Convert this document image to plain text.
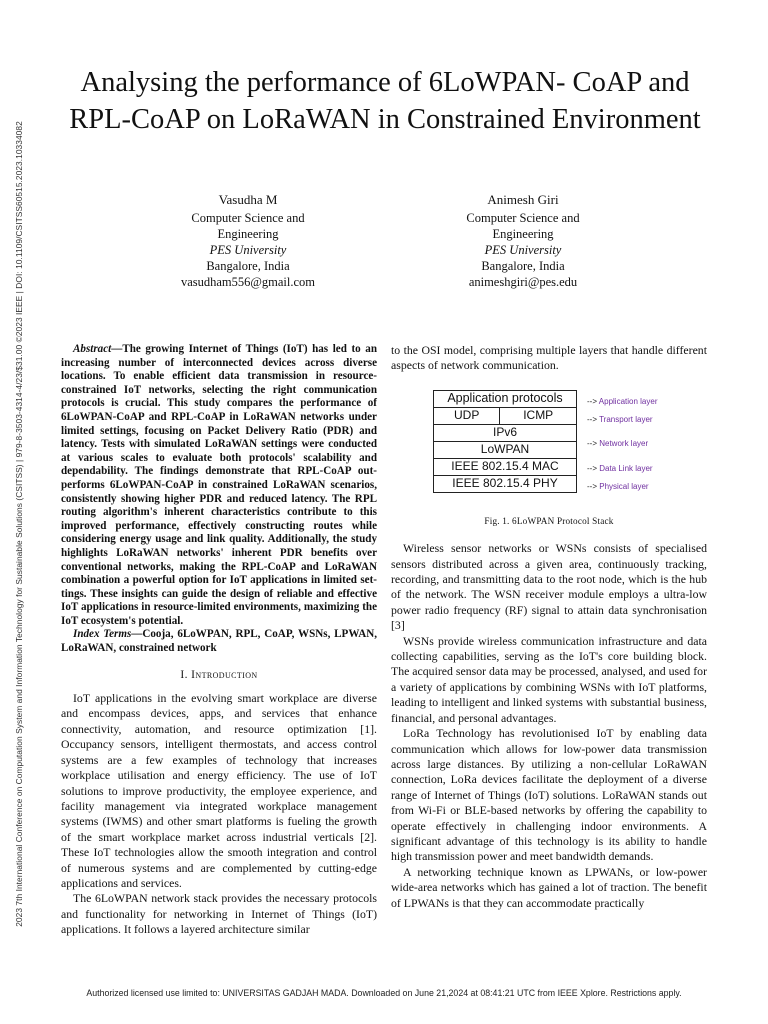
2023 7th International Conference on Computation System and Information Technology for Sustainable Solutions (CSITSS) | 979-8-3503-4314-4/23/$31.00 ©2023 IEEE | DOI: 10.1109/CSITSS60515.2023.10334082
Analysing the performance of 6LoWPAN- CoAP and RPL-CoAP on LoRaWAN in Constrained Environment
Vasudha M
Computer Science and
Engineering
PES University
Bangalore, India
vasudham556@gmail.com
Animesh Giri
Computer Science and
Engineering
PES University
Bangalore, India
animeshgiri@pes.edu

Abstract—The growing Internet of Things (IoT) has led to an increasing number of interconnected devices across diverse locations. To enable efficient data transmission in resource-constrained IoT networks, selecting the right communication protocols is crucial. This study compares the performance of 6LoWPAN-CoAP and RPL-CoAP in LoRaWAN networks under limited settings, focusing on Packet Delivery Ratio (PDR) and latency. Tests with simulated LoRaWAN settings were conducted at various scales to evaluate both protocols' scalability and dependability. The findings demonstrate that RPL-CoAP out-performs 6LoWPAN-CoAP in constrained LoRaWAN scenarios, consistently showing higher PDR and reduced latency. The RPL routing algorithm's inherent characteristics contribute to this improved performance, effectively constructing routes while considering energy usage and link quality. Additionally, the study highlights LoRaWAN networks' inherent PDR benefits over conventional networks, making the RPL-CoAP and LoRaWAN combination a powerful option for IoT applications in limited set-tings. These insights can guide the design of reliable and effective IoT applications in resource-limited environments, maximizing the IoT ecosystem's potential.

Index Terms—Cooja, 6LoWPAN, RPL, CoAP, WSNs, LPWAN, LoRaWAN, constrained network

I. Introduction

IoT applications in the evolving smart workplace are diverse and encompass devices, apps, and services that enhance connectivity, automation, and resource optimization [1]. Occupancy sensors, intelligent thermostats, and access control systems are a few examples of technology that increases workplace utilisation and energy efficiency. The use of IoT solutions to improve productivity, the employee experience, and facility management via integrated workplace management systems (IWMS) and other smart platforms is fueling the growth of the smart workplace market across industrial verticals [2]. These IoT technologies allow the smooth integration and control of numerous systems and are complemented by cutting-edge applications and services.

The 6LoWPAN network stack provides the necessary protocols and functionality for networking in Internet of Things (IoT) applications. It follows a layered architecture similar

to the OSI model, comprising multiple layers that handle different aspects of network communication.

Application protocols
UDP	ICMP
IPv6
LoWPAN
IEEE 802.15.4 MAC
IEEE 802.15.4 PHY
--> Application layer
--> Transport layer
--> Network layer
--> Data Link layer
--> Physical layer
Fig. 1. 6LoWPAN Protocol Stack

Wireless sensor networks or WSNs consists of specialised sensors distributed across a given area, continuously tracking, recording, and transmitting data to the root node, which is the hub of the network. The WSN receiver module employs a ultra-low power radio frequency (RF) signal to attain data synchronisation [3]

WSNs provide wireless communication infrastructure and data collecting capabilities, serving as the IoT's core building block. The acquired sensor data may be processed, analysed, and used for a variety of applications by combining WSNs with IoT platforms, leading to intelligent and linked systems with substantial business, financial, and personal advantages.

LoRa Technology has revolutionised IoT by enabling data communication which allows for low-power data transmission across large distances. By utilizing a non-cellular LoRaWAN connection, LoRa devices facilitate the deployment of a diverse range of Internet of Things (IoT) solutions. LoRaWAN stands out from Wi-Fi or BLE-based networks by offering the capability to operate effectively in challenging indoor environments. A significant advantage of this technology is its ability to handle high transmission power and meet bandwidth demands.

A networking technique known as LPWANs, or low-power wide-area networks which has gained a lot of traction. The benefit of LPWANs is that they can accommodate practically

Authorized licensed use limited to: UNIVERSITAS GADJAH MADA. Downloaded on June 21,2024 at 08:41:21 UTC from IEEE Xplore. Restrictions apply.
